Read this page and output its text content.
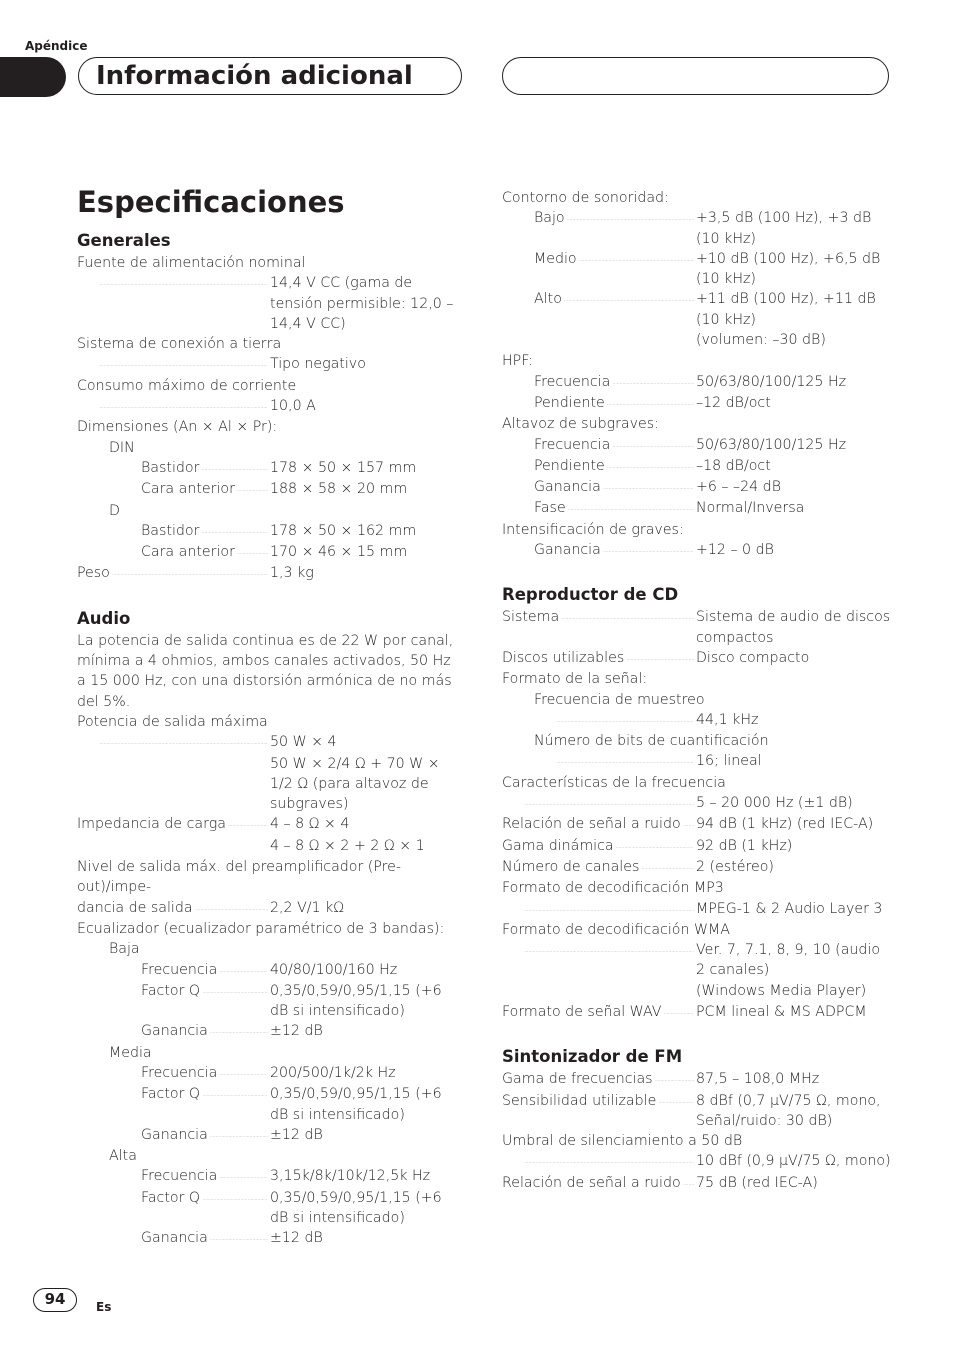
Apéndice
Información adicional
Especificaciones
Generales
Fuente de alimentación nominal
. . .
14,4 V CC (gama de tensión permisible: 12,0 – 14,4 V CC)
Sistema de conexión a tierra
. . .
Tipo negativo
Consumo máximo de corriente
. . .
10,0 A
Dimensiones (An × Al × Pr):
DIN
Bastidor . . .	178 × 50 × 157 mm
Cara anterior . . . 188 × 58 × 20 mm
D
Bastidor . . .	178 × 50 × 162 mm
Cara anterior . . . 170 × 46 × 15 mm
Peso . . .	1,3 kg
Audio
La potencia de salida continua es de 22 W por canal, mínima a 4 ohmios, ambos canales activados, 50 Hz a 15 000 Hz, con una distorsión armónica de no más del 5%.
Potencia de salida máxima
. . .
50 W × 4
50 W × 2/4 Ω + 70 W × 1/2 Ω (para altavoz de subgraves)
Impedancia de carga . . .	4 – 8 Ω × 4
4 – 8 Ω × 2 + 2 Ω × 1
Nivel de salida máx. del preamplificador (Pre-out)/impe-
dancia de salida . . .	2,2 V/1 kΩ
Ecualizador (ecualizador paramétrico de 3 bandas):
Baja
Frecuencia . . .	40/80/100/160 Hz
Factor Q . . .	0,35/0,59/0,95/1,15 (+6 dB si intensificado)
Ganancia . . .	±12 dB
Media
Frecuencia . . .	200/500/1k/2k Hz
Factor Q . . .	0,35/0,59/0,95/1,15 (+6 dB si intensificado)
Ganancia . . .	±12 dB
Alta
Frecuencia . . .	3,15k/8k/10k/12,5k Hz
Factor Q . . .	0,35/0,59/0,95/1,15 (+6 dB si intensificado)
Ganancia . . .	±12 dB
Contorno de sonoridad:
Bajo . . .	+3,5 dB (100 Hz), +3 dB (10 kHz)
Medio . . .	+10 dB (100 Hz), +6,5 dB (10 kHz)
Alto . . .	+11 dB (100 Hz), +11 dB (10 kHz)
(volumen: –30 dB)
HPF:
Frecuencia . . .	50/63/80/100/125 Hz
Pendiente . . .	–12 dB/oct
Altavoz de subgraves:
Frecuencia . . .	50/63/80/100/125 Hz
Pendiente . . .	–18 dB/oct
Ganancia . . .	+6 – –24 dB
Fase . . .	Normal/Inversa
Intensificación de graves:
Ganancia . . .	+12 – 0 dB
Reproductor de CD
Sistema . . .	Sistema de audio de discos compactos
Discos utilizables . . .	Disco compacto
Formato de la señal:
Frecuencia de muestreo
. . .
44,1 kHz
Número de bits de cuantificación
. . .
16; lineal
Características de la frecuencia
. . .
5 – 20 000 Hz (±1 dB)
Relación de señal a ruido . . . 94 dB (1 kHz) (red IEC-A)
Gama dinámica . . .	92 dB (1 kHz)
Número de canales . . .	2 (estéreo)
Formato de decodificación MP3
. . .
MPEG-1 & 2 Audio Layer 3
Formato de decodificación WMA
. . .
Ver. 7, 7.1, 8, 9, 10 (audio 2 canales)
(Windows Media Player)
Formato de señal WAV . . . PCM lineal & MS ADPCM
Sintonizador de FM
Gama de frecuencias . . .	87,5 – 108,0 MHz
Sensibilidad utilizable . . .	8 dBf (0,7 μV/75 Ω, mono, Señal/ruido: 30 dB)
Umbral de silenciamiento a 50 dB
. . .
10 dBf (0,9 μV/75 Ω, mono)
Relación de señal a ruido . . . 75 dB (red IEC-A)
94	Es
